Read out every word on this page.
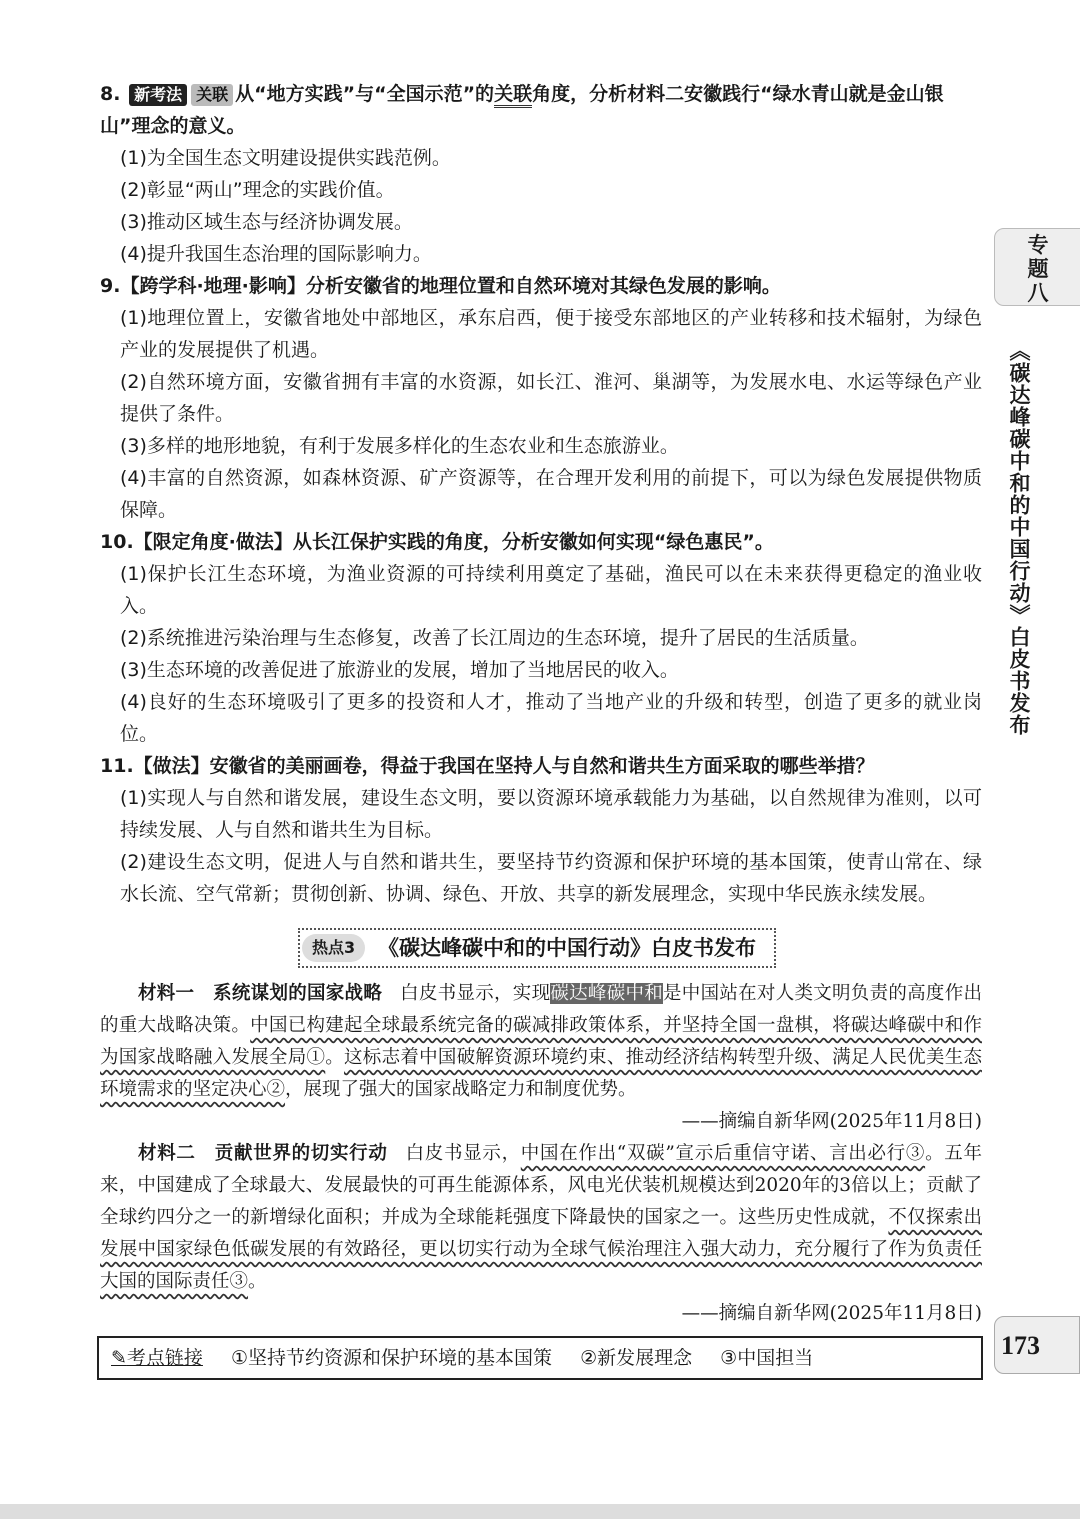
8. 新考法 关联 从“地方实践”与“全国示范”的关联角度，分析材料二安徽践行“绿水青山就是金山银山”理念的意义。
(1)为全国生态文明建设提供实践范例。
(2)彰显“两山”理念的实践价值。
(3)推动区域生态与经济协调发展。
(4)提升我国生态治理的国际影响力。
9.【跨学科·地理·影响】分析安徽省的地理位置和自然环境对其绿色发展的影响。
(1)地理位置上，安徽省地处中部地区，承东启西，便于接受东部地区的产业转移和技术辐射，为绿色产业的发展提供了机遇。
(2)自然环境方面，安徽省拥有丰富的水资源，如长江、淮河、巢湖等，为发展水电、水运等绿色产业提供了条件。
(3)多样的地形地貌，有利于发展多样化的生态农业和生态旅游业。
(4)丰富的自然资源，如森林资源、矿产资源等，在合理开发利用的前提下，可以为绿色发展提供物质保障。
10.【限定角度·做法】从长江保护实践的角度，分析安徽如何实现“绿色惠民”。
(1)保护长江生态环境，为渔业资源的可持续利用奠定了基础，渔民可以在未来获得更稳定的渔业收入。
(2)系统推进污染治理与生态修复，改善了长江周边的生态环境，提升了居民的生活质量。
(3)生态环境的改善促进了旅游业的发展，增加了当地居民的收入。
(4)良好的生态环境吸引了更多的投资和人才，推动了当地产业的升级和转型，创造了更多的就业岗位。
11.【做法】安徽省的美丽画卷，得益于我国在坚持人与自然和谐共生方面采取的哪些举措？
(1)实现人与自然和谐发展，建设生态文明，要以资源环境承载能力为基础，以自然规律为准则，以可持续发展、人与自然和谐共生为目标。
(2)建设生态文明，促进人与自然和谐共生，要坚持节约资源和保护环境的基本国策，使青山常在、绿水长流、空气常新；贯彻创新、协调、绿色、开放、共享的新发展理念，实现中华民族永续发展。
热点3	《碳达峰碳中和的中国行动》白皮书发布
材料一　系统谋划的国家战略 白皮书显示，实现碳达峰碳中和是中国站在对人类文明负责的高度作出的重大战略决策。中国已构建起全球最系统完备的碳减排政策体系，并坚持全国一盘棋，将碳达峰碳中和作为国家战略融入发展全局①。这标志着中国破解资源环境约束、推动经济结构转型升级、满足人民优美生态环境需求的坚定决心②，展现了强大的国家战略定力和制度优势。
——摘编自新华网(2025年11月8日)
材料二　贡献世界的切实行动 白皮书显示，中国在作出“双碳”宣示后重信守诺、言出必行③。五年来，中国建成了全球最大、发展最快的可再生能源体系，风电光伏装机规模达到2020年的3倍以上；贡献了全球约四分之一的新增绿化面积；并成为全球能耗强度下降最快的国家之一。这些历史性成就，不仅探索出发展中国家绿色低碳发展的有效路径，更以切实行动为全球气候治理注入强大动力，充分履行了作为负责任大国的国际责任③。
——摘编自新华网(2025年11月8日)
✎考点链接 ①坚持节约资源和保护环境的基本国策 ②新发展理念 ③中国担当
专题八
《碳达峰碳中和的中国行动》白皮书发布
173
